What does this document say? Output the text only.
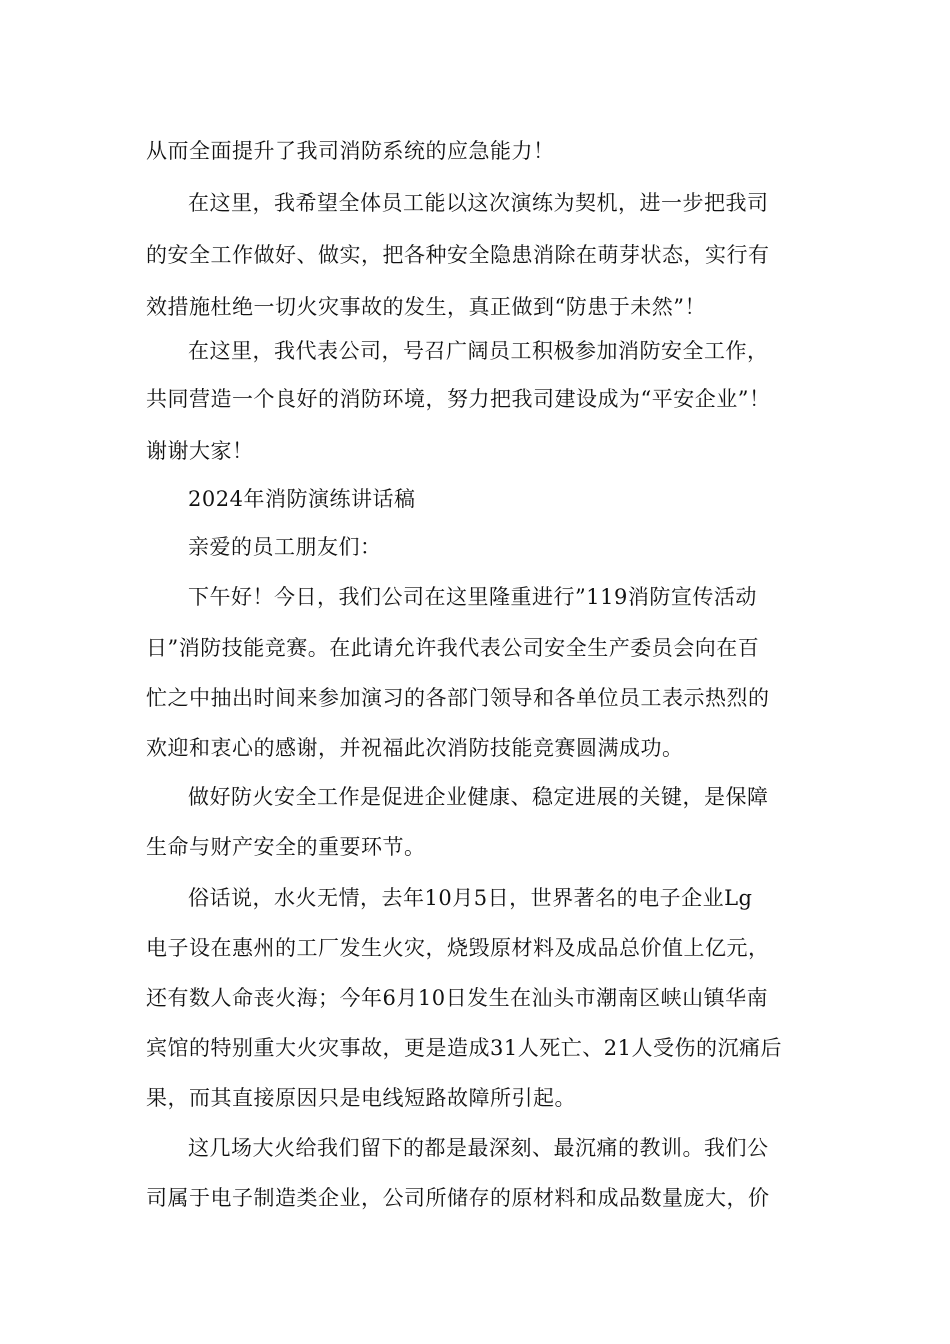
从而全面提升了我司消防系统的应急能力！
在这里，我希望全体员工能以这次演练为契机，进一步把我司
的安全工作做好、做实，把各种安全隐患消除在萌芽状态，实行有
效措施杜绝一切火灾事故的发生，真正做到“防患于未然”！
在这里，我代表公司，号召广阔员工积极参加消防安全工作，
共同营造一个良好的消防环境，努力把我司建设成为“平安企业”！
谢谢大家！
2024年消防演练讲话稿
亲爱的员工朋友们：
下午好！今日，我们公司在这里隆重进行”119消防宣传活动
日”消防技能竞赛。在此请允许我代表公司安全生产委员会向在百
忙之中抽出时间来参加演习的各部门领导和各单位员工表示热烈的
欢迎和衷心的感谢，并祝福此次消防技能竞赛圆满成功。
做好防火安全工作是促进企业健康、稳定进展的关键，是保障
生命与财产安全的重要环节。
俗话说，水火无情，去年10月5日，世界著名的电子企业Lg
电子设在惠州的工厂发生火灾，烧毁原材料及成品总价值上亿元，
还有数人命丧火海；今年6月10日发生在汕头市潮南区峡山镇华南
宾馆的特别重大火灾事故，更是造成31人死亡、21人受伤的沉痛后
果，而其直接原因只是电线短路故障所引起。
这几场大火给我们留下的都是最深刻、最沉痛的教训。我们公
司属于电子制造类企业，公司所储存的原材料和成品数量庞大，价
